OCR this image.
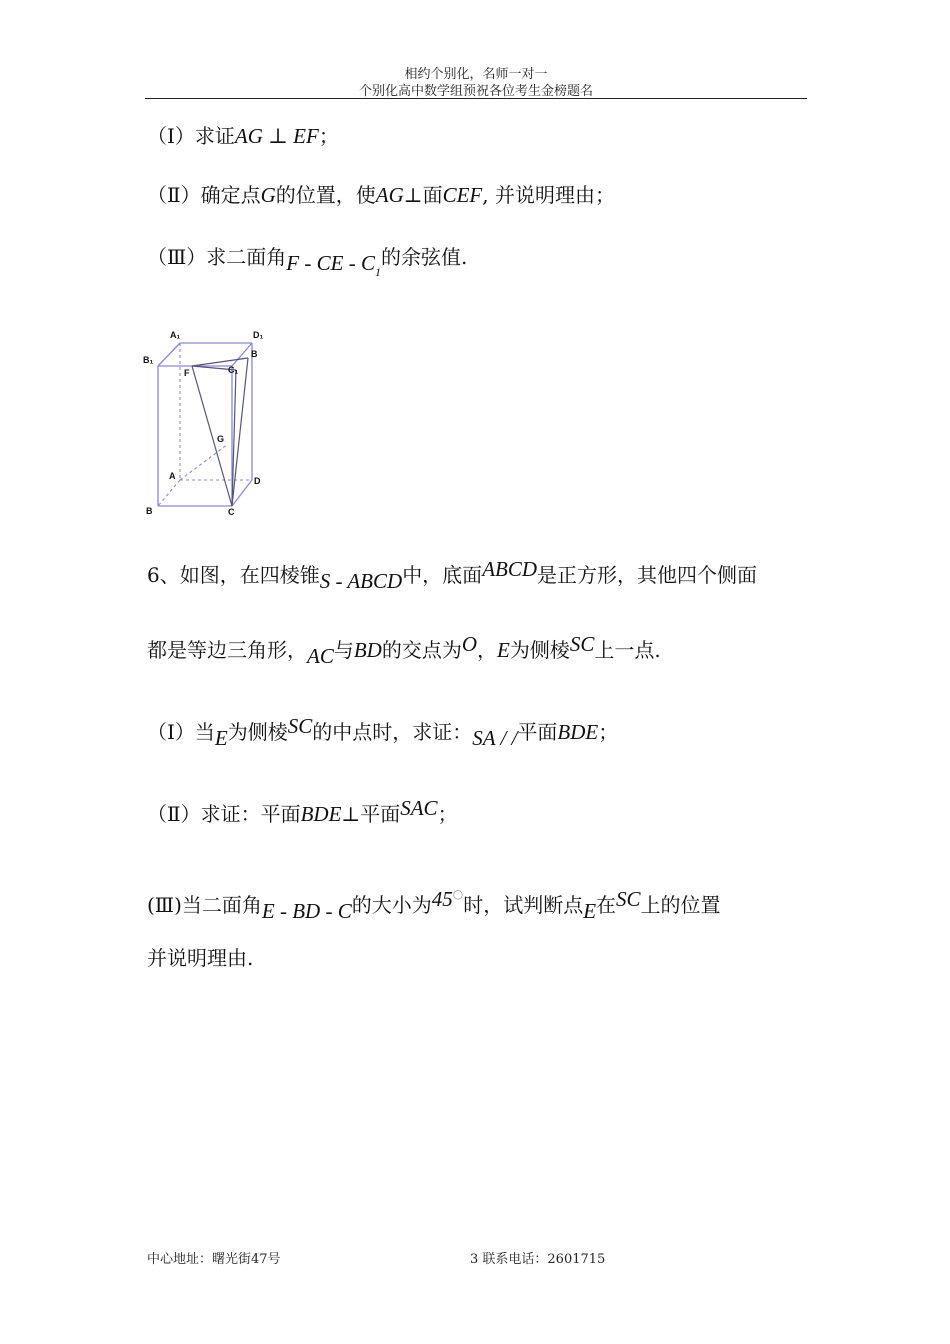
相约个别化，名师一对一
个别化高中数学组预祝各位考生金榜题名
（Ⅰ）求证AG ⊥ EF；
（Ⅱ）确定点G的位置，使AG⊥面CEF, 并说明理由；
（Ⅲ）求二面角F - CE - $C_1$的余弦值.
A₁	D₁
B₁
B
F	C₁
G
A	D
B	C
6、如图，在四棱锥S - ABCD中，底面ABCD是正方形，其他四个侧面
都是等边三角形，AC与BD的交点为O，E为侧棱SC上一点.
（Ⅰ）当E为侧棱SC的中点时，求证：SA / /平面BDE；
（Ⅱ）求证：平面BDE⊥平面SAC；
(Ⅲ)当二面角E - BD - C的大小为45○时，试判断点E在SC上的位置
并说明理由.
中心地址：曙光街47号	3 联系电话：2601715
